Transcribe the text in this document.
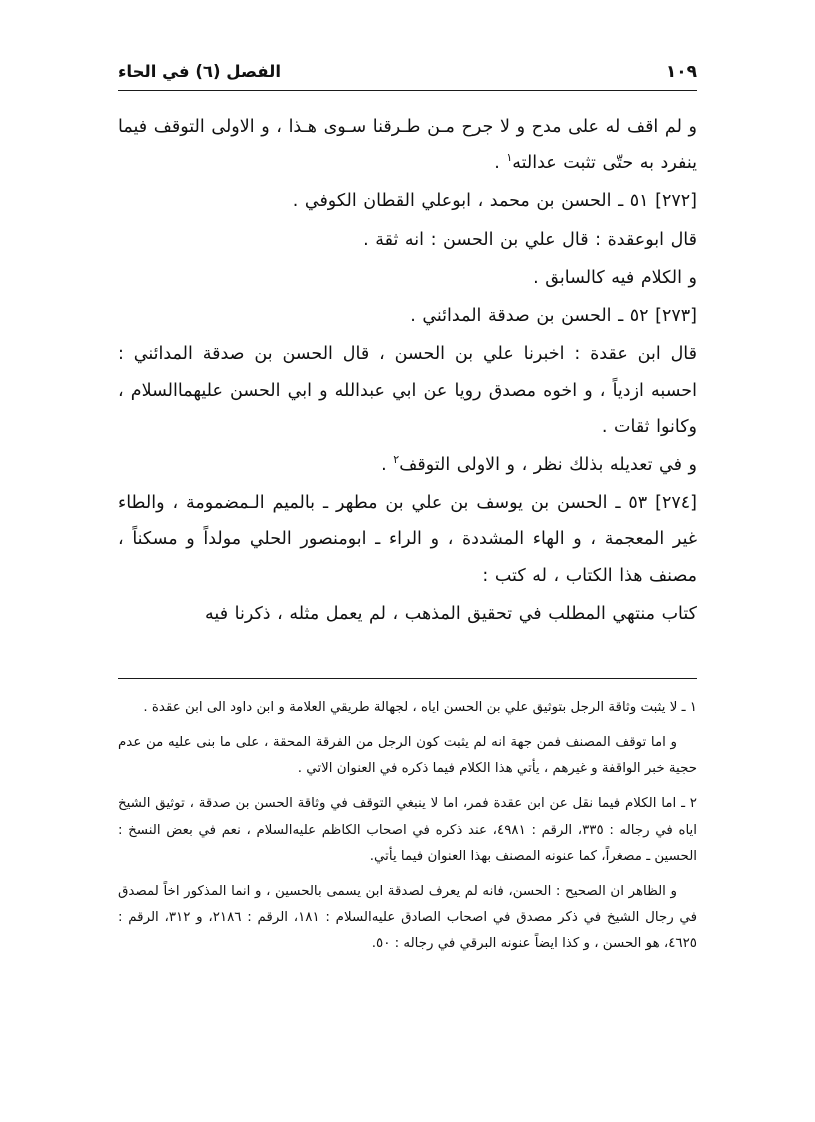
١٠٩
الفصل (٦) في الحاء

و لم اقف له على مدح و لا جرح مـن طـرقنا سـوى هـذا ، و الاولى التوقف فيما ينفرد به حتّى تثبت عدالته$^١$ .

[٢٧٢] ٥١ ـ الحسن بن محمد ، ابوعلي القطان الكوفي .

قال ابوعقدة : قال علي بن الحسن : انه ثقة .

و الكلام فيه كالسابق .

[٢٧٣] ٥٢ ـ الحسن بن صدقة المدائني .

قال ابن عقدة : اخبرنا علي بن الحسن ، قال الحسن بن صدقة المدائني : احسبه ازدياً ، و اخوه مصدق رويا عن ابي عبدالله و ابي الحسن عليهما‌السلام ، وكانوا ثقات .

و في تعديله بذلك نظر ، و الاولى التوقف$^٢$ .

[٢٧٤] ٥٣ ـ الحسن بن يوسف بن علي بن مطهر ـ بالميم الـمضمومة ، والطاء غير المعجمة ، و الهاء المشددة ، و الراء ـ ابومنصور الحلي مولداً و مسكناً ، مصنف هذا الكتاب ، له كتب :

كتاب منتهي المطلب في تحقيق المذهب ، لم يعمل مثله ، ذكرنا فيه

١ ـ لا يثبت وثاقة الرجل بتوثيق علي بن الحسن اياه ، لجهالة طريقي العلامة و ابن داود الى ابن عقدة .

و اما توقف المصنف فمن جهة انه لم يثبت كون الرجل من الفرقة المحقة ، على ما بنى عليه من عدم حجية خبر الواقفة و غيرهم ، يأتي هذا الكلام فيما ذكره في العنوان الاتي .

٢ ـ اما الكلام فيما نقل عن ابن عقدة فمر، اما لا ينبغي التوقف في وثاقة الحسن بن صدقة ، توثيق الشيخ اياه في رجاله : ٣٣٥، الرقم : ٤٩٨١، عند ذكره في اصحاب الكاظم عليه‌السلام ، نعم في بعض النسخ : الحسين ـ مصغراً، كما عنونه المصنف بهذا العنوان فيما يأتي.

و الظاهر ان الصحيح : الحسن، فانه لم يعرف لصدقة ابن يسمى بالحسين ، و انما المذكور اخاً لمصدق في رجال الشيخ في ذكر مصدق في اصحاب الصادق عليه‌السلام : ١٨١، الرقم : ٢١٨٦، و ٣١٢، الرقم : ٤٦٢٥، هو الحسن ، و كذا ايضاً عنونه البرقي في رجاله : ٥٠.
